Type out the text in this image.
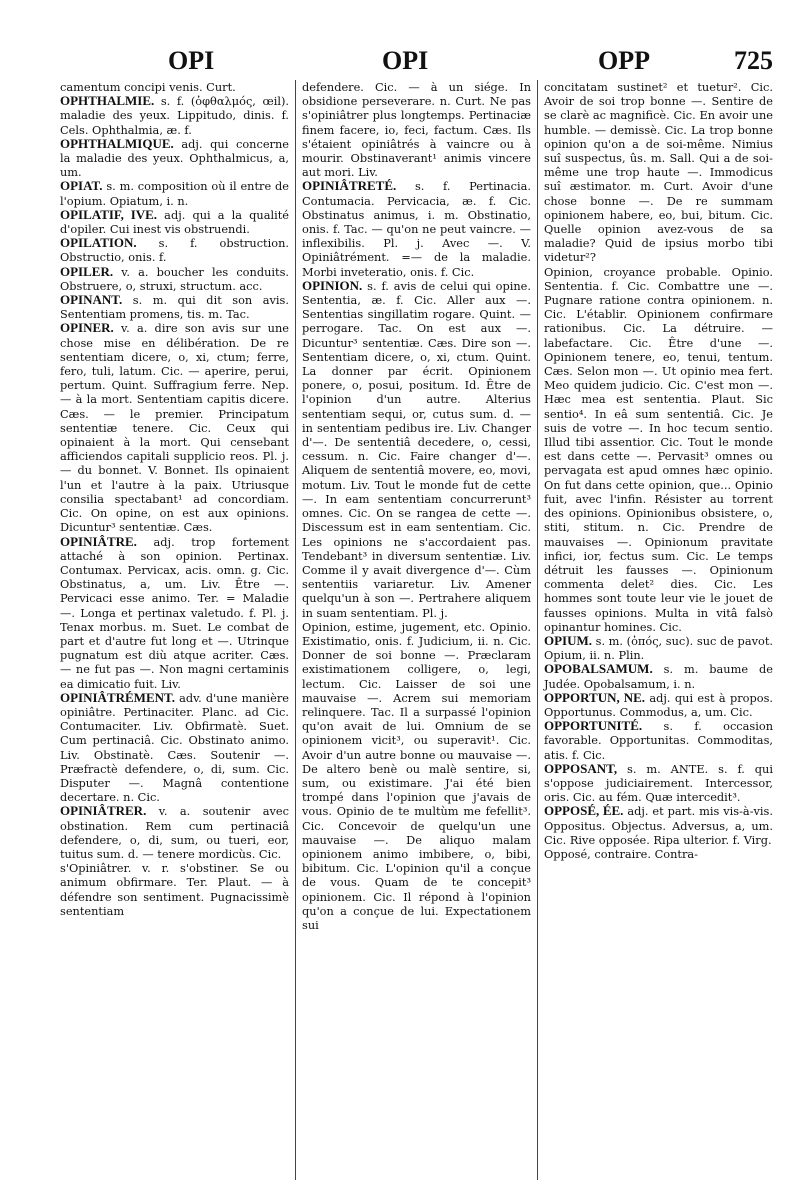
OPI	OPI	OPP	725

camentum concipi venis. Curt.

OPHTHALMIE. s. f. (ὀφθαλμός, œil). maladie des yeux. Lippitudo, dinis. f. Cels. Ophthalmia, æ. f.

OPHTHALMIQUE. adj. qui concerne la maladie des yeux. Ophthalmicus, a, um.

OPIAT. s. m. composition où il entre de l'opium. Opiatum, i. n.

OPILATIF, IVE. adj. qui a la qualité d'opiler. Cui inest vis obstruendi.

OPILATION. s. f. obstruction. Obstructio, onis. f.

OPILER. v. a. boucher les conduits. Obstruere, o, struxi, structum. acc.

OPINANT. s. m. qui dit son avis. Sententiam promens, tis. m. Tac.

OPINER. v. a. dire son avis sur une chose mise en délibération. De re sententiam dicere, o, xi, ctum; ferre, fero, tuli, latum. Cic. — aperire, perui, pertum. Quint. Suffragium ferre. Nep. — à la mort. Sententiam capitis dicere. Cæs. — le premier. Principatum sententiæ tenere. Cic. Ceux qui opinaient à la mort. Qui censebant afficiendos capitali supplicio reos. Pl. j. — du bonnet. V. Bonnet. Ils opinaient l'un et l'autre à la paix. Utriusque consilia spectabant¹ ad concordiam. Cic. On opine, on est aux opinions. Dicuntur³ sententiæ. Cæs.

OPINIÂTRE. adj. trop fortement attaché à son opinion. Pertinax. Contumax. Pervicax, acis. omn. g. Cic. Obstinatus, a, um. Liv. Être —. Pervicaci esse animo. Ter. = Maladie —. Longa et pertinax valetudo. f. Pl. j. Tenax morbus. m. Suet. Le combat de part et d'autre fut long et —. Utrinque pugnatum est diù atque acriter. Cæs. — ne fut pas —. Non magni certaminis ea dimicatio fuit. Liv.

OPINIÂTRÉMENT. adv. d'une manière opiniâtre. Pertinaciter. Planc. ad Cic. Contumaciter. Liv. Obfirmatè. Suet. Cum pertinaciâ. Cic. Obstinato animo. Liv. Obstinatè. Cæs. Soutenir —. Præfractè defendere, o, di, sum. Cic. Disputer —. Magnâ contentione decertare. n. Cic.

OPINIÂTRER. v. a. soutenir avec obstination. Rem cum pertinaciâ defendere, o, di, sum, ou tueri, eor, tuitus sum. d. — tenere mordicùs. Cic.

s'Opiniâtrer. v. r. s'obstiner. Se ou animum obfirmare. Ter. Plaut. — à défendre son sentiment. Pugnacissimè sententiam

defendere. Cic. — à un siége. In obsidione perseverare. n. Curt. Ne pas s'opiniâtrer plus longtemps. Pertinaciæ finem facere, io, feci, factum. Cæs. Ils s'étaient opiniâtrés à vaincre ou à mourir. Obstinaverant¹ animis vincere aut mori. Liv.

OPINIÂTRETÉ. s. f. Pertinacia. Contumacia. Pervicacia, æ. f. Cic. Obstinatus animus, i. m. Obstinatio, onis. f. Tac. — qu'on ne peut vaincre. — inflexibilis. Pl. j. Avec —. V. Opiniâtrément. =— de la maladie. Morbi inveteratio, onis. f. Cic.

OPINION. s. f. avis de celui qui opine. Sententia, æ. f. Cic. Aller aux —. Sententias singillatim rogare. Quint. — perrogare. Tac. On est aux —. Dicuntur³ sententiæ. Cæs. Dire son —. Sententiam dicere, o, xi, ctum. Quint. La donner par écrit. Opinionem ponere, o, posui, positum. Id. Être de l'opinion d'un autre. Alterius sententiam sequi, or, cutus sum. d. — in sententiam pedibus ire. Liv. Changer d'—. De sententiâ decedere, o, cessi, cessum. n. Cic. Faire changer d'—. Aliquem de sententiâ movere, eo, movi, motum. Liv. Tout le monde fut de cette —. In eam sententiam concurrerunt³ omnes. Cic. On se rangea de cette —. Discessum est in eam sententiam. Cic. Les opinions ne s'accordaient pas. Tendebant³ in diversum sententiæ. Liv. Comme il y avait divergence d'—. Cùm sententiis variaretur. Liv. Amener quelqu'un à son —. Pertrahere aliquem in suam sententiam. Pl. j.

Opinion, estime, jugement, etc. Opinio. Existimatio, onis. f. Judicium, ii. n. Cic. Donner de soi bonne —. Præclaram existimationem colligere, o, legi, lectum. Cic. Laisser de soi une mauvaise —. Acrem sui memoriam relinquere. Tac. Il a surpassé l'opinion qu'on avait de lui. Omnium de se opinionem vicit³, ou superavit¹. Cic. Avoir d'un autre bonne ou mauvaise —. De altero benè ou malè sentire, si, sum, ou existimare. J'ai été bien trompé dans l'opinion que j'avais de vous. Opinio de te multùm me fefellit³. Cic. Concevoir de quelqu'un une mauvaise —. De aliquo malam opinionem animo imbibere, o, bibi, bibitum. Cic. L'opinion qu'il a conçue de vous. Quam de te concepit³ opinionem. Cic. Il répond à l'opinion qu'on a conçue de lui. Expectationem sui

concitatam sustinet² et tuetur². Cic. Avoir de soi trop bonne —. Sentire de se clarè ac magnificè. Cic. En avoir une humble. — demissè. Cic. La trop bonne opinion qu'on a de soi-même. Nimius suî suspectus, ûs. m. Sall. Qui a de soi-même une trop haute —. Immodicus suî æstimator. m. Curt. Avoir d'une chose bonne —. De re summam opinionem habere, eo, bui, bitum. Cic. Quelle opinion avez-vous de sa maladie? Quid de ipsius morbo tibi videtur²?

Opinion, croyance probable. Opinio. Sententia. f. Cic. Combattre une —. Pugnare ratione contra opinionem. n. Cic. L'établir. Opinionem confirmare rationibus. Cic. La détruire. — labefactare. Cic. Être d'une —. Opinionem tenere, eo, tenui, tentum. Cæs. Selon mon —. Ut opinio mea fert. Meo quidem judicio. Cic. C'est mon —. Hæc mea est sententia. Plaut. Sic sentio⁴. In eâ sum sententiâ. Cic. Je suis de votre —. In hoc tecum sentio. Illud tibi assentior. Cic. Tout le monde est dans cette —. Pervasit³ omnes ou pervagata est apud omnes hæc opinio. On fut dans cette opinion, que... Opinio fuit, avec l'infin. Résister au torrent des opinions. Opinionibus obsistere, o, stiti, stitum. n. Cic. Prendre de mauvaises —. Opinionum pravitate infici, ior, fectus sum. Cic. Le temps détruit les fausses —. Opinionum commenta delet² dies. Cic. Les hommes sont toute leur vie le jouet de fausses opinions. Multa in vitâ falsò opinantur homines. Cic.

OPIUM. s. m. (ὀπός, suc). suc de pavot. Opium, ii. n. Plin.

OPOBALSAMUM. s. m. baume de Judée. Opobalsamum, i. n.

OPPORTUN, NE. adj. qui est à propos. Opportunus. Commodus, a, um. Cic.

OPPORTUNITÉ. s. f. occasion favorable. Opportunitas. Commoditas, atis. f. Cic.

OPPOSANT, s. m. ANTE. s. f. qui s'oppose judiciairement. Intercessor, oris. Cic. au fém. Quæ intercedit³.

OPPOSÉ, ÉE. adj. et part. mis vis-à-vis. Oppositus. Objectus. Adversus, a, um. Cic. Rive opposée. Ripa ulterior. f. Virg.

Opposé, contraire. Contra-
